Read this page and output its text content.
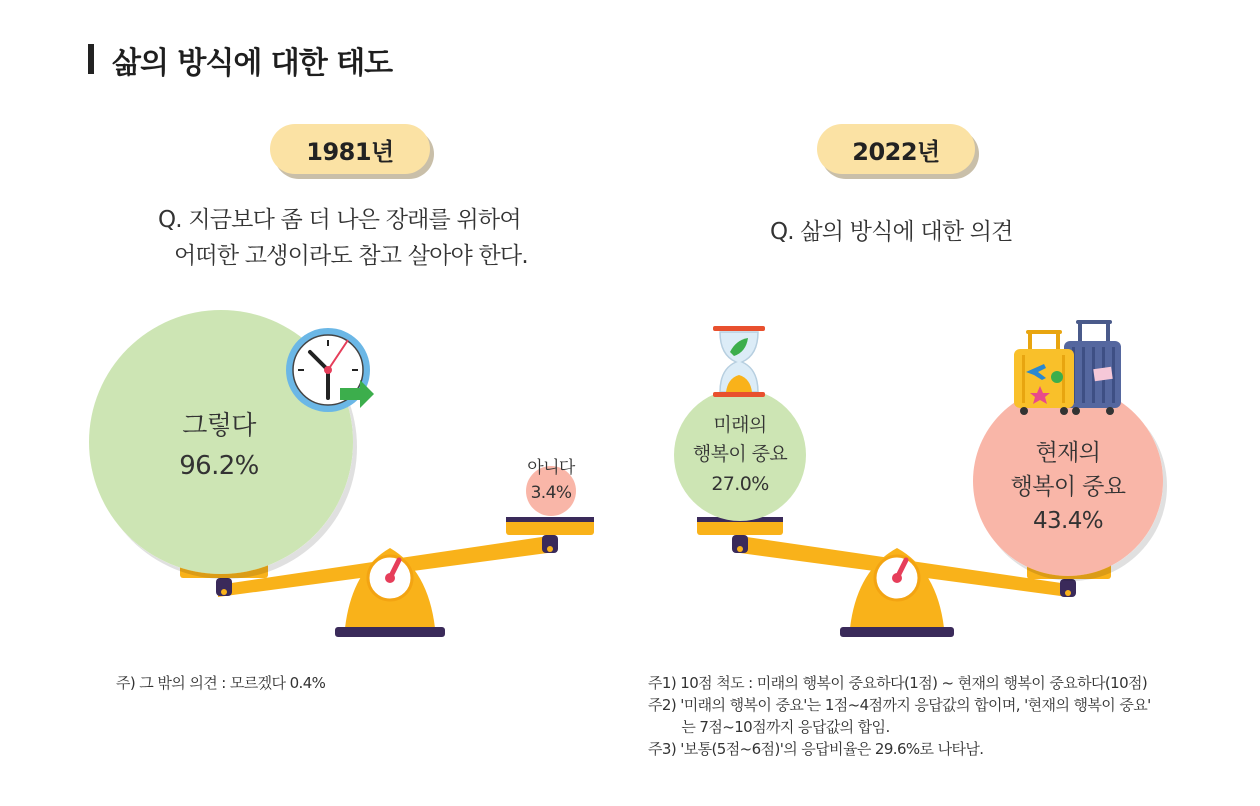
삶의 방식에 대한 태도
1981년	2022년
Q. 지금보다 좀 더 나은 장래를 위하여
어떠한 고생이라도 참고 살아야 한다.
Q. 삶의 방식에 대한 의견
그렇다
96.2%	아니다
3.4%
미래의
행복이 중요
27.0%
현재의
행복이 중요
43.4%
주) 그 밖의 의견 : 모르겠다 0.4%	주1) 10점 척도 : 미래의 행복이 중요하다(1점) ~ 현재의 행복이 중요하다(10점)
주2) '미래의 행복이 중요'는 1점~4점까지 응답값의 합이며, '현재의 행복이 중요'
는 7점~10점까지 응답값의 합임.
주3) '보통(5점~6점)'의 응답비율은 29.6%로 나타남.
